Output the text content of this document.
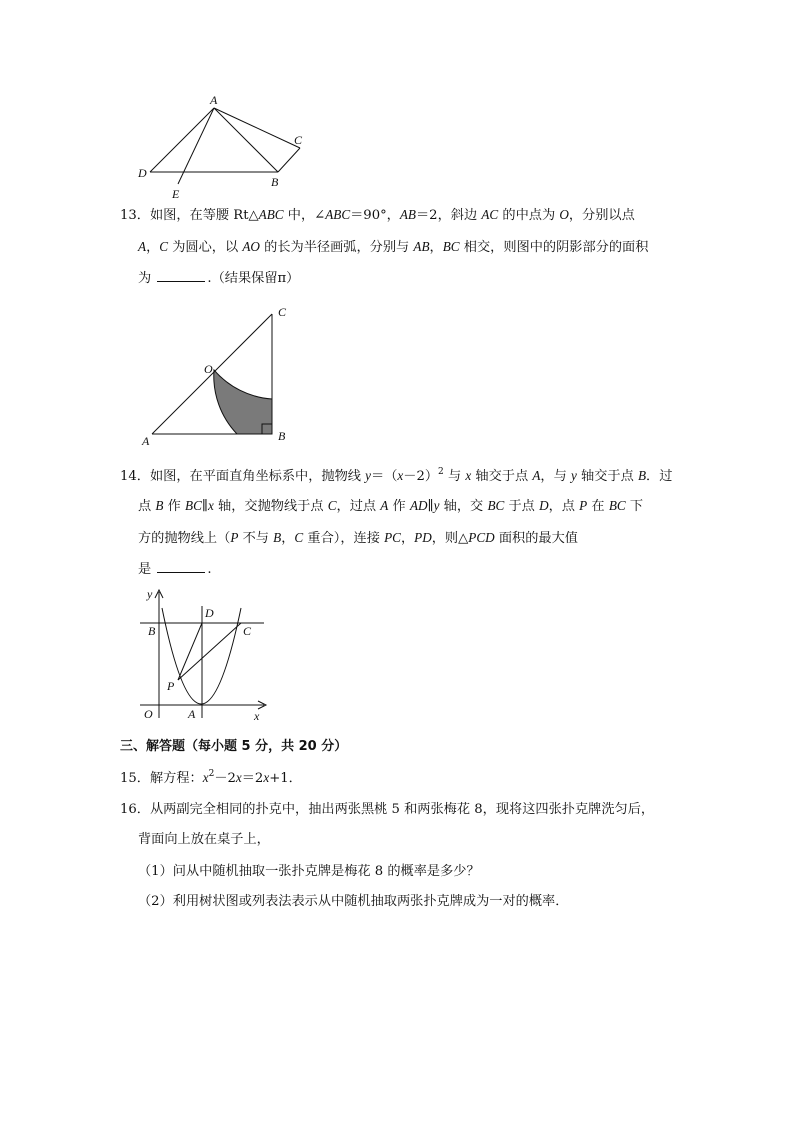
A
C
D
E
B
13．如图，在等腰 Rt△ABC 中，∠ABC＝90°，AB＝2，斜边 AC 的中点为 O，分别以点
A，C 为圆心，以 AO 的长为半径画弧，分别与 AB，BC 相交，则图中的阴影部分的面积
为	.（结果保留π）
C
O
A	B
14．如图，在平面直角坐标系中，抛物线 $y=(x-2)^2$ 与 x 轴交于点 A，与 y 轴交于点 B．过
点 B 作 BC∥x 轴，交抛物线于点 C，过点 A 作 AD∥y 轴，交 BC 于点 D，点 P 在 BC 下
方的抛物线上（P 不与 B，C 重合），连接 PC，PD，则△PCD 面积的最大值
是	.
y
D
B	C
P
O	A	x
三、解答题（每小题 5 分，共 20 分）
15．解方程：$x^2-2x=2x+1$．
16．从两副完全相同的扑克中，抽出两张黑桃 5 和两张梅花 8，现将这四张扑克牌洗匀后，
背面向上放在桌子上，
（1）问从中随机抽取一张扑克牌是梅花 8 的概率是多少？
（2）利用树状图或列表法表示从中随机抽取两张扑克牌成为一对的概率．
